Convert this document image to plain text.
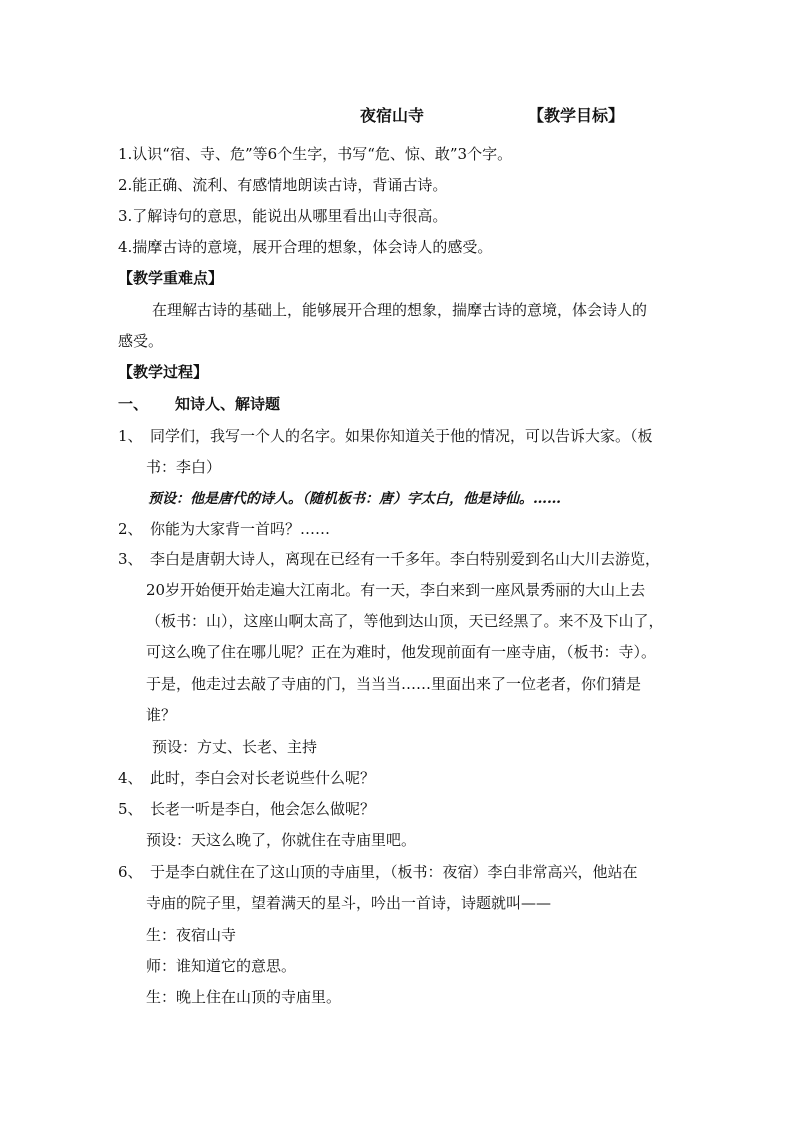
夜宿山寺	【教学目标】
1.认识“宿、寺、危”等6个生字，书写“危、惊、敢”3个字。
2.能正确、流利、有感情地朗读古诗，背诵古诗。
3.了解诗句的意思，能说出从哪里看出山寺很高。
4.揣摩古诗的意境，展开合理的想象，体会诗人的感受。
【教学重难点】
在理解古诗的基础上，能够展开合理的想象，揣摩古诗的意境，体会诗人的
感受。
【教学过程】
一、 知诗人、解诗题
1、 同学们，我写一个人的名字。如果你知道关于他的情况，可以告诉大家。（板
书：李白）
预设：他是唐代的诗人。（随机板书：唐）字太白，他是诗仙。……
2、 你能为大家背一首吗？……
3、 李白是唐朝大诗人，离现在已经有一千多年。李白特别爱到名山大川去游览，
20岁开始便开始走遍大江南北。有一天，李白来到一座风景秀丽的大山上去
（板书：山），这座山啊太高了，等他到达山顶，天已经黑了。来不及下山了，
可这么晚了住在哪儿呢？正在为难时，他发现前面有一座寺庙，（板书：寺）。
于是，他走过去敲了寺庙的门，当当当……里面出来了一位老者，你们猜是
谁？
预设：方丈、长老、主持
4、 此时，李白会对长老说些什么呢？
5、 长老一听是李白，他会怎么做呢？
预设：天这么晚了，你就住在寺庙里吧。
6、 于是李白就住在了这山顶的寺庙里，（板书：夜宿）李白非常高兴，他站在
寺庙的院子里，望着满天的星斗，吟出一首诗，诗题就叫——
生：夜宿山寺
师：谁知道它的意思。
生：晚上住在山顶的寺庙里。
